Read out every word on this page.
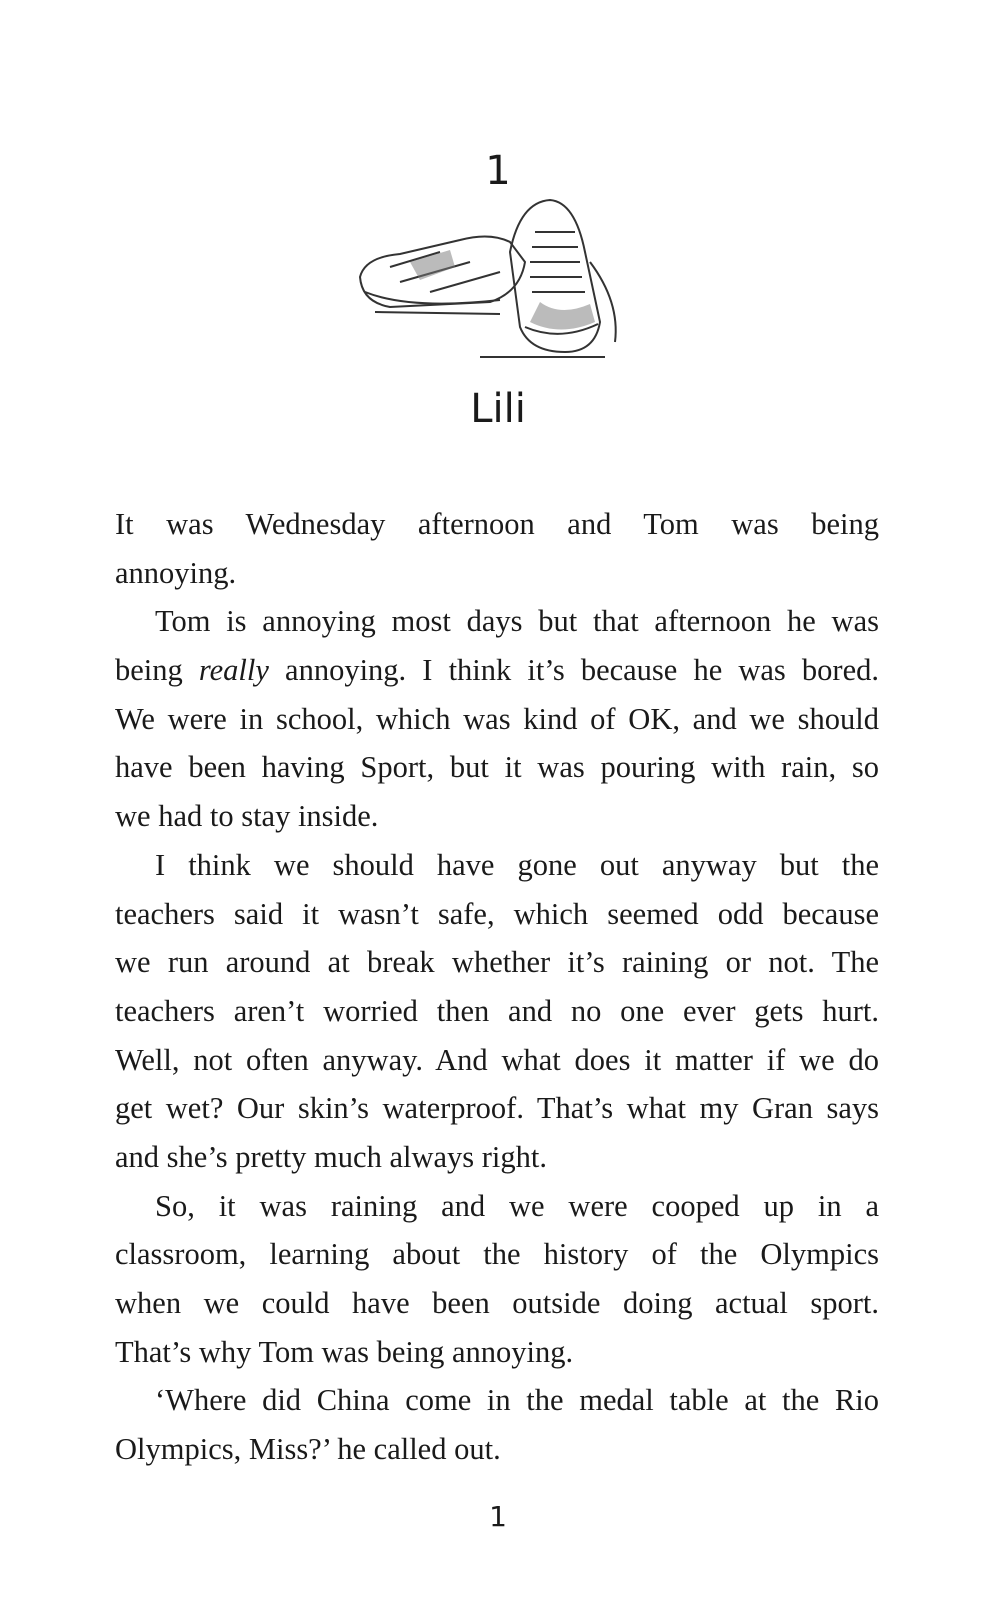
1
Lili
It was Wednesday afternoon and Tom was being
annoying.
Tom is annoying most days but that afternoon he was
being really annoying. I think it’s because he was bored.
We were in school, which was kind of OK, and we should
have been having Sport, but it was pouring with rain, so
we had to stay inside.
I think we should have gone out anyway but the
teachers said it wasn’t safe, which seemed odd because
we run around at break whether it’s raining or not. The
teachers aren’t worried then and no one ever gets hurt.
Well, not often anyway. And what does it matter if we do
get wet? Our skin’s waterproof. That’s what my Gran says
and she’s pretty much always right.
So, it was raining and we were cooped up in a
classroom, learning about the history of the Olympics
when we could have been outside doing actual sport.
That’s why Tom was being annoying.
‘Where did China come in the medal table at the Rio
Olympics, Miss?’ he called out.
1
